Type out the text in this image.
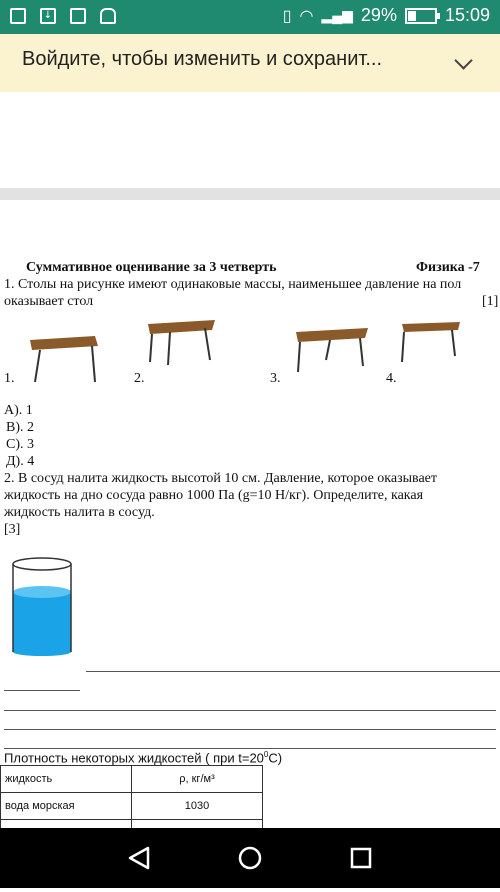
↓	▯ ◠ ▂▄▆ 29%	15:09
Войдите, чтобы изменить и сохранит...
Суммативное оценивание за 3 четверть	Физика -7
1. Столы на рисунке имеют одинаковые массы, наименьшее давление на пол
оказывает стол	[1]
1.	2.	3.	4.
А). 1
В). 2
С). 3
Д). 4
2. В сосуд налита жидкость высотой 10 см. Давление, которое оказывает
жидкость на дно сосуда равно 1000 Па (g=10 Н/кг). Определите, какая
жидкость налита в сосуд.
[3]
Плотность некоторых жидкостей ( при $t=20^0С$)
жидкость	ρ, кг/м³
вода морская	1030
